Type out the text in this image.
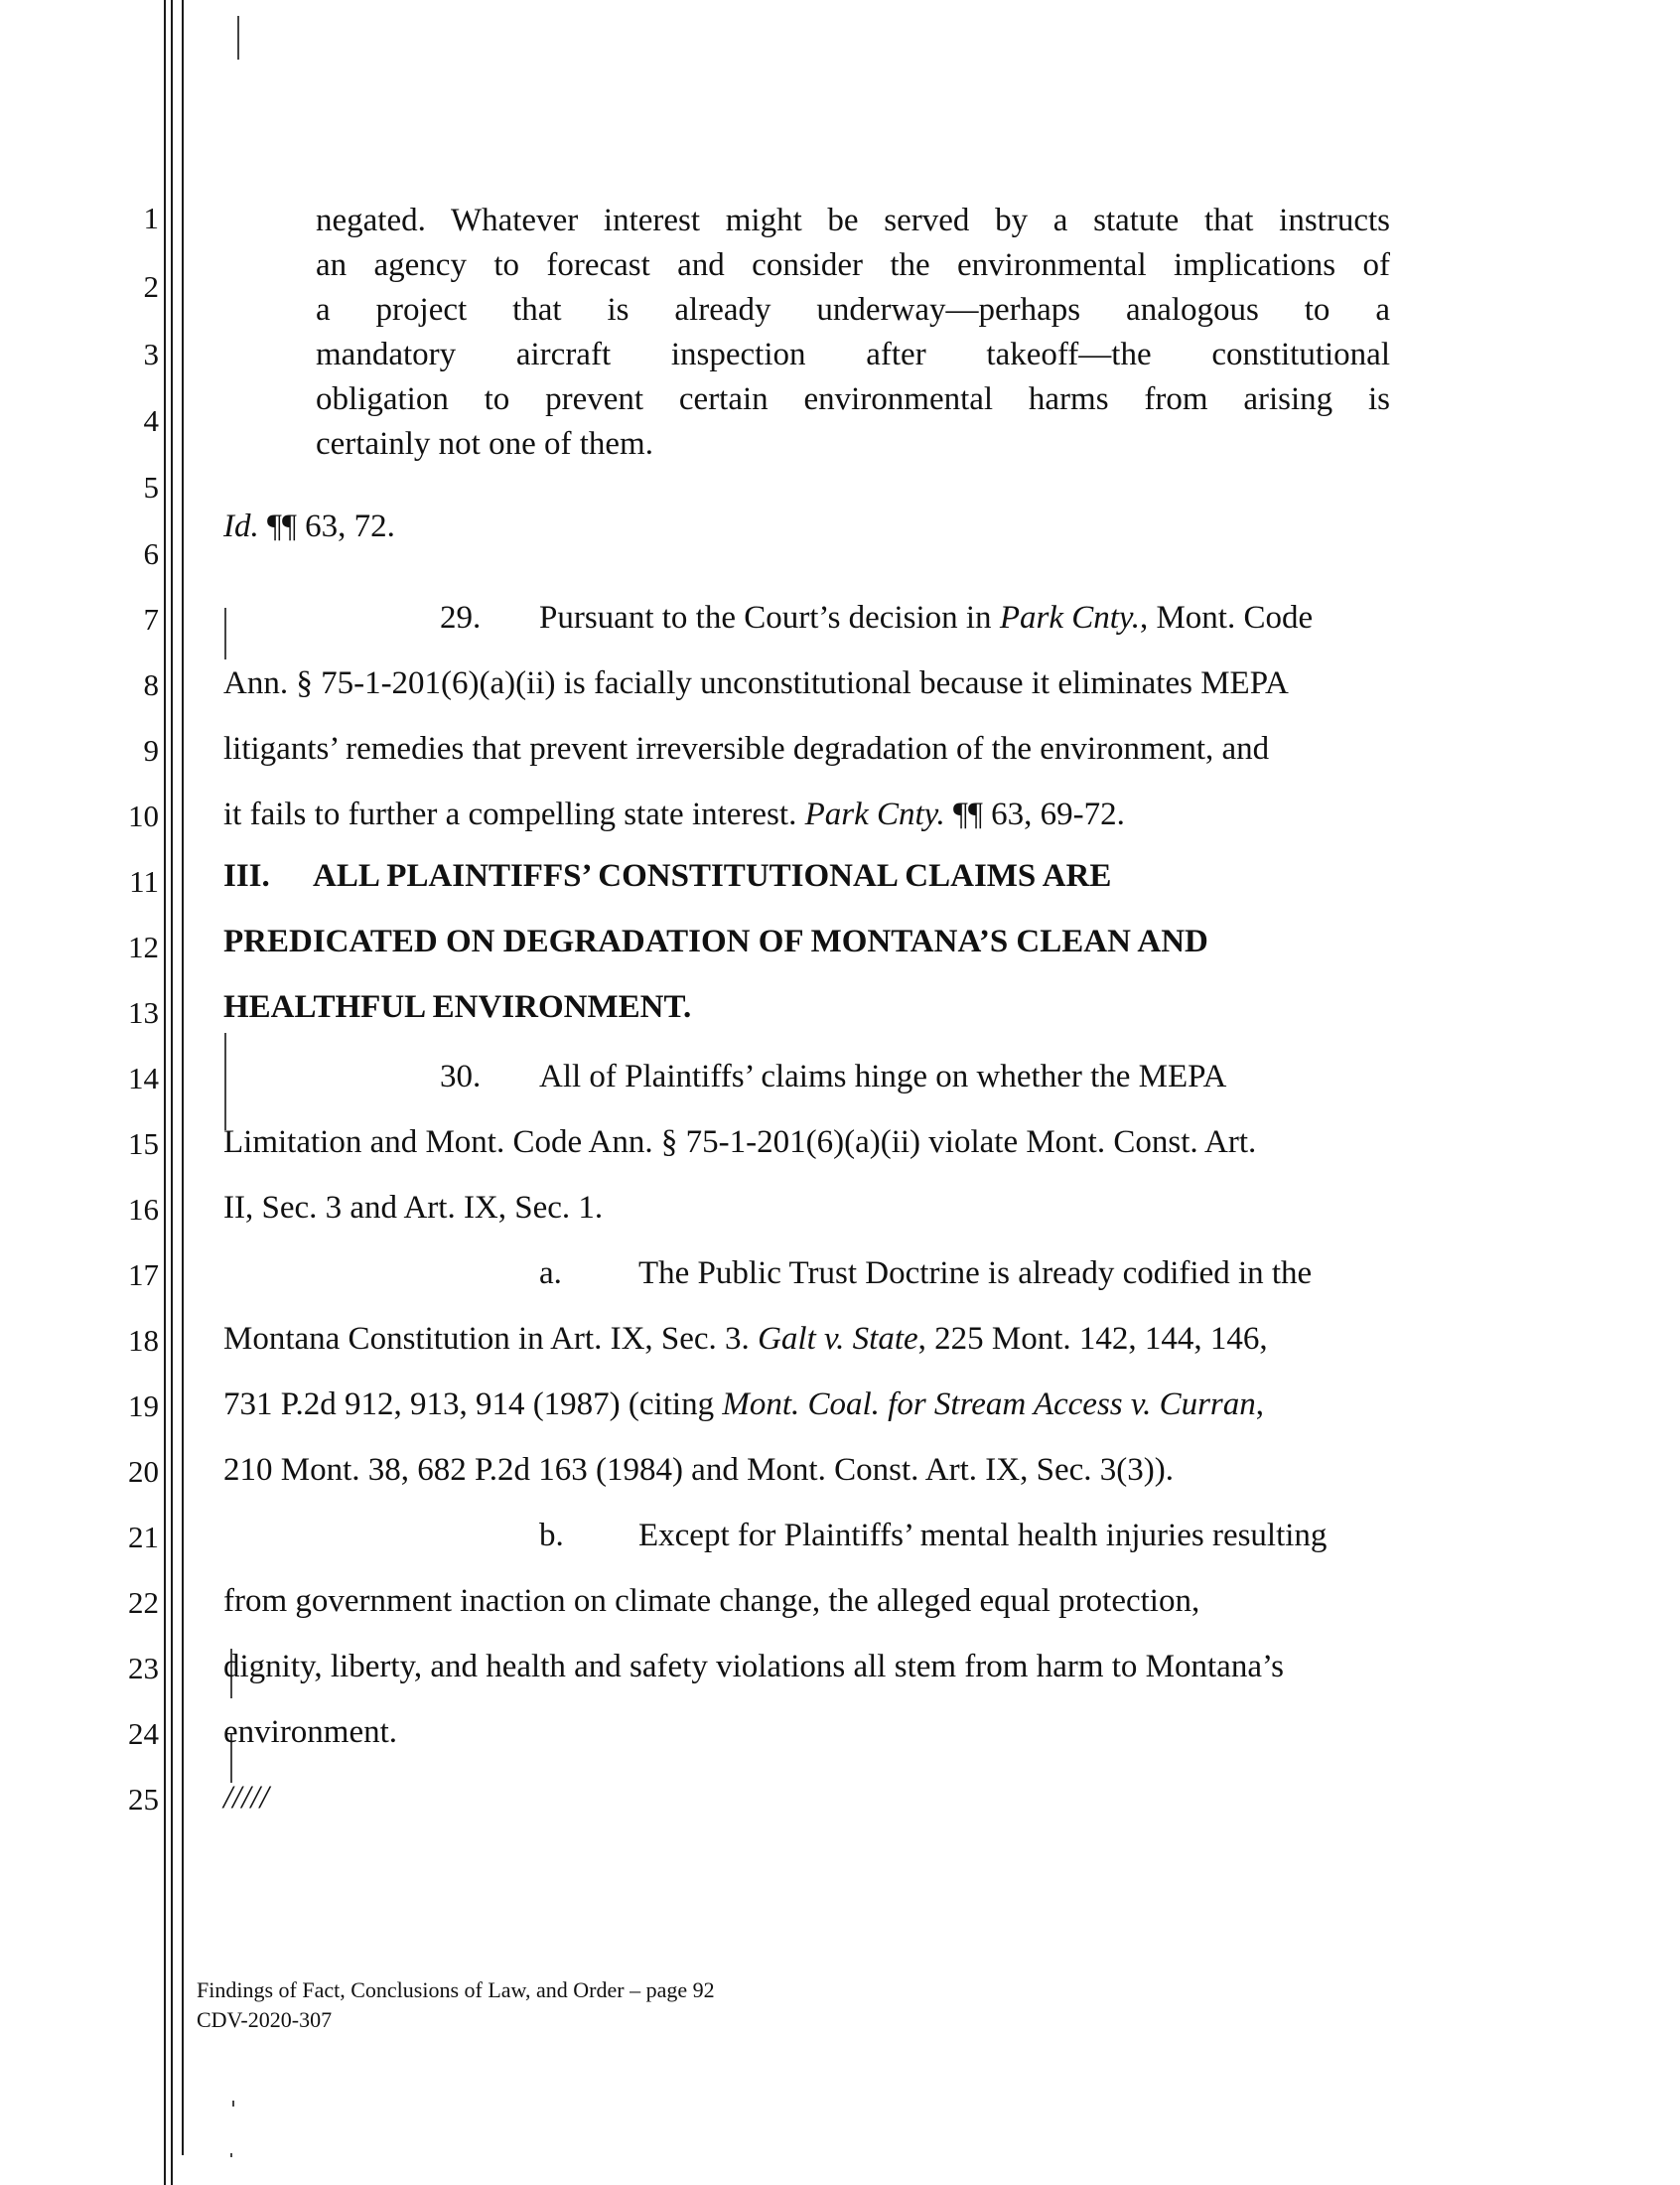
1
2
3
4
5
6
7
8
9
10
11
12
13
14
15
16
17
18
19
20
21
22
23
24
25
negated. Whatever interest might be served by a statute that instructs
an agency to forecast and consider the environmental implications of
a project that is already underway—perhaps analogous to a
mandatory aircraft inspection after takeoff—the constitutional
obligation to prevent certain environmental harms from arising is
certainly not one of them.
Id. ¶¶ 63, 72.
29. Pursuant to the Court’s decision in Park Cnty., Mont. Code
Ann. § 75-1-201(6)(a)(ii) is facially unconstitutional because it eliminates MEPA
litigants’ remedies that prevent irreversible degradation of the environment, and
it fails to further a compelling state interest. Park Cnty. ¶¶ 63, 69-72.
III. ALL PLAINTIFFS’ CONSTITUTIONAL CLAIMS ARE
PREDICATED ON DEGRADATION OF MONTANA’S CLEAN AND
HEALTHFUL ENVIRONMENT.
30. All of Plaintiffs’ claims hinge on whether the MEPA
Limitation and Mont. Code Ann. § 75-1-201(6)(a)(ii) violate Mont. Const. Art.
II, Sec. 3 and Art. IX, Sec. 1.
a. The Public Trust Doctrine is already codified in the
Montana Constitution in Art. IX, Sec. 3. Galt v. State, 225 Mont. 142, 144, 146,
731 P.2d 912, 913, 914 (1987) (citing Mont. Coal. for Stream Access v. Curran,
210 Mont. 38, 682 P.2d 163 (1984) and Mont. Const. Art. IX, Sec. 3(3)).
b. Except for Plaintiffs’ mental health injuries resulting
from government inaction on climate change, the alleged equal protection,
dignity, liberty, and health and safety violations all stem from harm to Montana’s
environment.
/////
Findings of Fact, Conclusions of Law, and Order – page 92
CDV-2020-307
